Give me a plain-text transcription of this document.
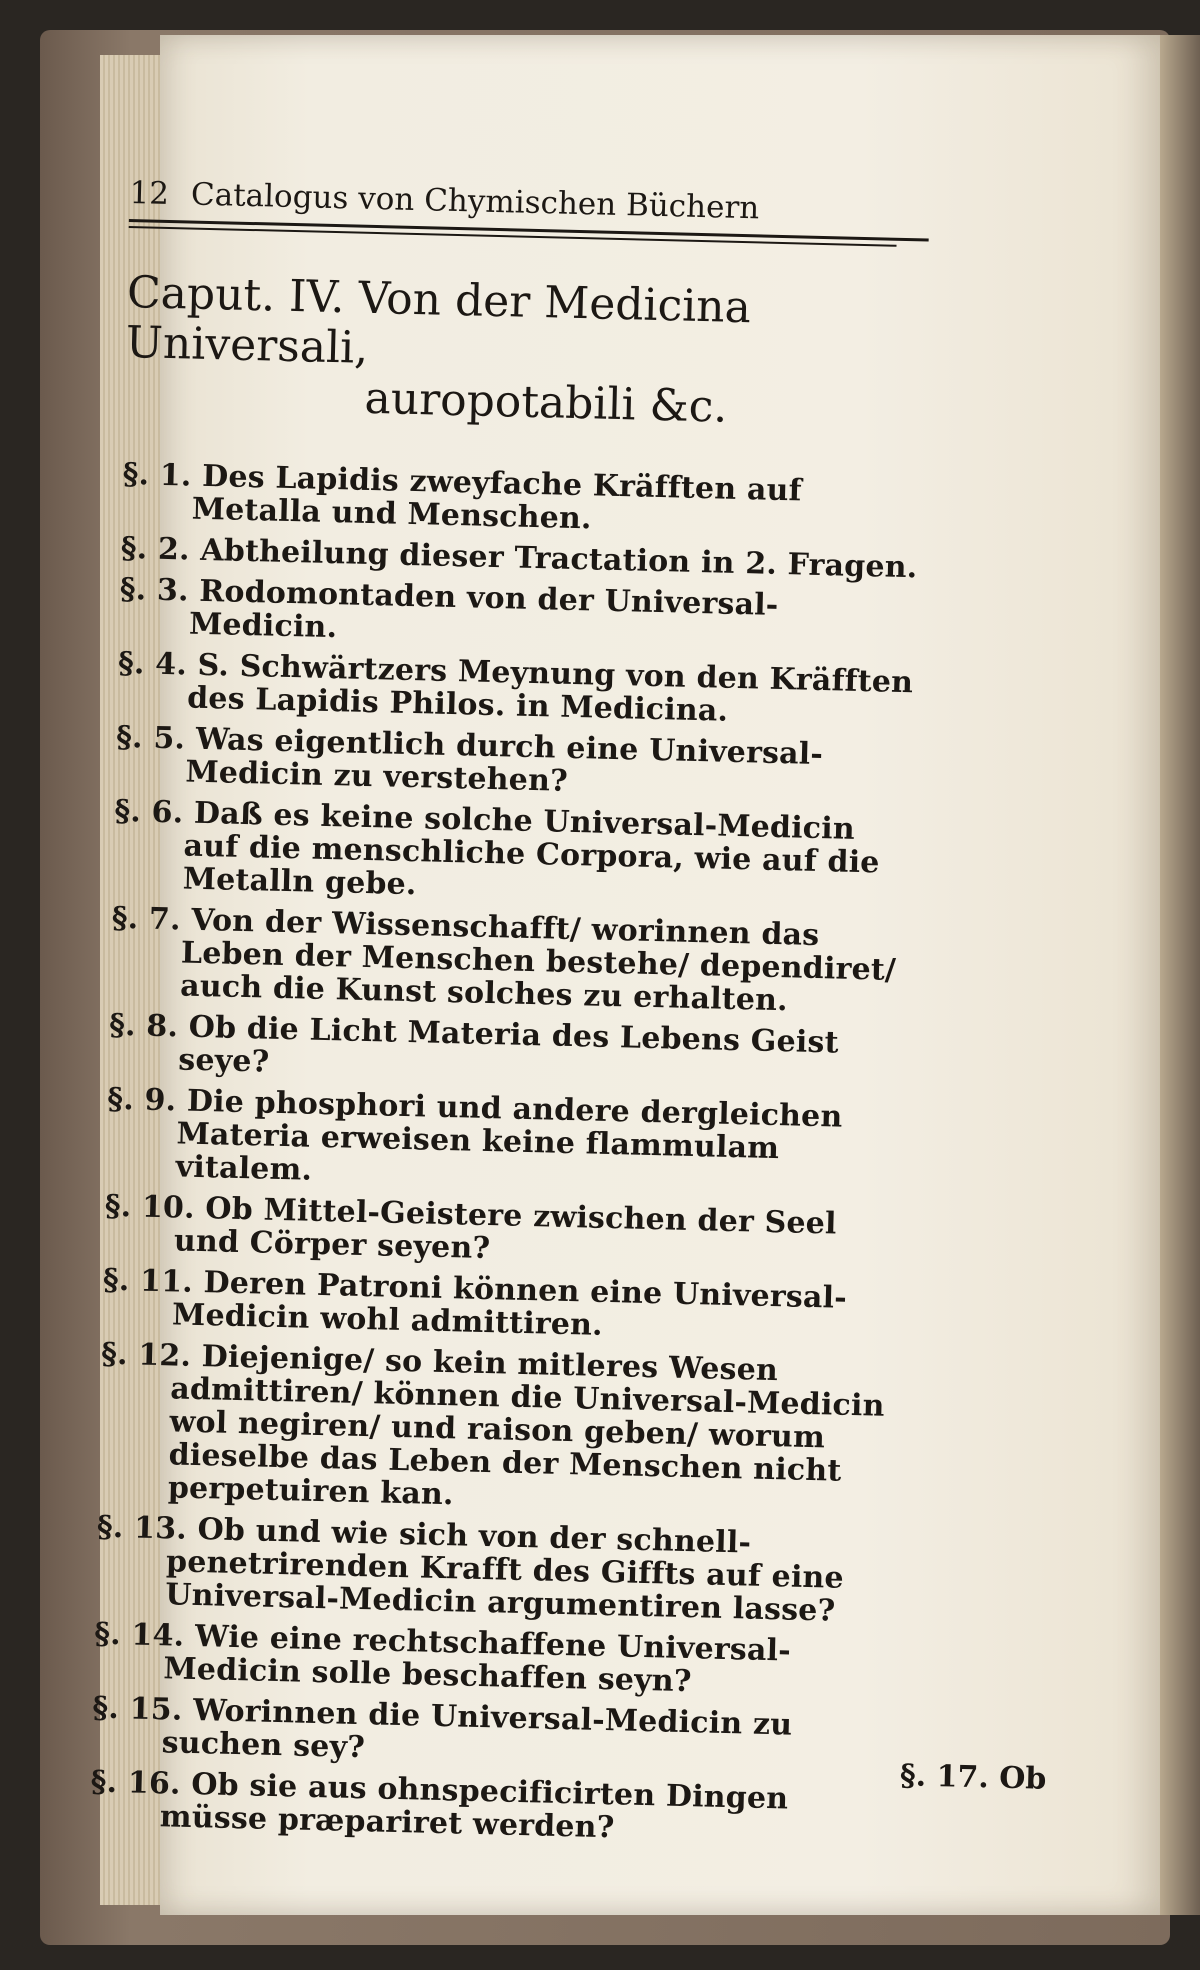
12 Catalogus von Chymischen Büchern
Caput. IV. Von der Medicina Universali,
auropotabili &c.
§. 1. Des Lapidis zweyfache Kräfften auf Metalla und Menschen.
§. 2. Abtheilung dieser Tractation in 2. Fragen.
§. 3. Rodomontaden von der Universal-Medicin.
§. 4. S. Schwärtzers Meynung von den Kräfften des Lapidis Philos. in Medicina.
§. 5. Was eigentlich durch eine Universal-Medicin zu verstehen?
§. 6. Daß es keine solche Universal-Medicin auf die menschliche Corpora, wie auf die Metalln gebe.
§. 7. Von der Wissenschafft/ worinnen das Leben der Menschen bestehe/ dependiret/ auch die Kunst solches zu erhalten.
§. 8. Ob die Licht Materia des Lebens Geist seye?
§. 9. Die phosphori und andere dergleichen Materia erweisen keine flammulam vitalem.
§. 10. Ob Mittel-Geistere zwischen der Seel und Cörper seyen?
§. 11. Deren Patroni können eine Universal-Medicin wohl admittiren.
§. 12. Diejenige/ so kein mitleres Wesen admittiren/ können die Universal-Medicin wol negiren/ und raison geben/ worum dieselbe das Leben der Menschen nicht perpetuiren kan.
§. 13. Ob und wie sich von der schnell-penetrirenden Krafft des Giffts auf eine Universal-Medicin argumentiren lasse?
§. 14. Wie eine rechtschaffene Universal-Medicin solle beschaffen seyn?
§. 15. Worinnen die Universal-Medicin zu suchen sey?
§. 16. Ob sie aus ohnspecificirten Dingen müsse præpariret werden?
§. 17. Ob
